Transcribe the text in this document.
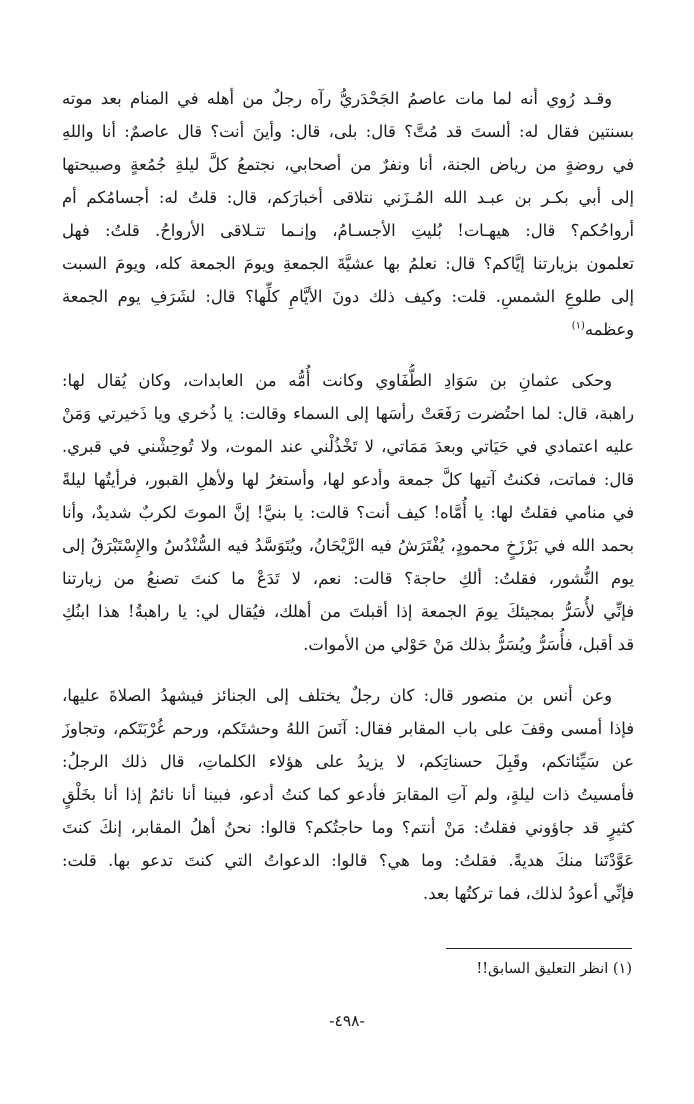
وقـد رُوي أنه لما مات عاصمُ الجَحْدَريُّ رآه رجلٌ من أهله في المنام بعد موته
بسنتين فقال له: ألستَ قد مُتَّ؟ قال: بلى، قال: وأينَ أنت؟ قال عاصمٌ: أنا واللهِ
في روضةٍ من رياض الجنة، أنا ونفرٌ من أصحابي، نجتمعُ كلَّ ليلةِ جُمُعةٍ وصبيحتها
إلى أبي بكـر بن عبـد الله المُـزَني نتلاقى أخبارَكم، قال: قلتُ له: أجسامُكم أم
أرواحُكم؟ قال: هيهـات! بُليتِ الأجسـامُ، وإنـما تتـلاقى الأرواحُ. قلتُ: فهل
تعلمون بزيارتنا إيَّاكم؟ قال: نعلمُ بها عشيَّةَ الجمعةِ ويومَ الجمعة كله، ويومَ السبت
إلى طلوعِ الشمسِ. قلت: وكيف ذلك دونَ الأيَّامِ كلِّها؟ قال: لشَرَفِ يوم الجمعة
وعظمه$^{(١)}$
وحكى عثمانِ بن سَوَادِ الطُّفَاوي وكانت أُمُّه من العابدات، وكان يُقال لها:
راهبة، قال: لما احتُضرت رَفَعَتْ رأسَها إلى السماء وقالت: يا ذُخري ويا ذَخيرتي وَمَنْ
عليه اعتمادي في حَيَاتي وبعدَ مَمَاتي، لا تَخْذُلْني عند الموت، ولا تُوحِشْني في قبري.
قال: فماتت، فكنتُ آتيها كلَّ جمعة وأدعو لها، وأستغرُ لها ولأهلِ القبور، فرأيتُها ليلةً
في منامي فقلتُ لها: يا أُمَّاه! كيف أنت؟ قالت: يا بنيَّ! إنَّ الموتَ لكربٌ شديدٌ، وأنا
بحمد الله في بَرْزَخٍ محمودٍ، يُفْتَرَشُ فيه الرَّيْحَانُ، ويُتَوَسَّدُ فيه السُّنْدُسُ والإِسْتَبْرَقُ إلى
يوم النُّشور، فقلتُ: ألكِ حاجة؟ قالت: نعم، لا تَدَعْ ما كنتَ تصنعُ من زيارتنا
فإنِّي لأُسَرُّ بمجيئكَ يومَ الجمعة إذا أقبلتَ من أهلك، فيُقال لي: يا راهبةُ! هذا ابنُكِ
قد أقبل، فأُسَرُّ ويُسَرُّ بذلك مَنْ حَوْلي من الأموات.
وعن أنس بن منصور قال: كان رجلٌ يختلف إلى الجنائز فيشهدُ الصلاةَ عليها،
فإذا أمسى وقفَ على باب المقابر فقال: آنَسَ اللهُ وحشتَكم، ورحم غُرْبَتَكم، وتجاوزَ
عن سَيِّئاتكم، وقَبِلَ حسناتِكم، لا يزيدُ على هؤلاء الكلماتِ، قال ذلك الرجلُ:
فأمسيتُ ذات ليلةٍ، ولم آتِ المقابرَ فأدعو كما كنتُ أدعو، فبينا أنا نائمٌ إذا أنا بخَلْقٍ
كثيرٍ قد جاؤوني فقلتُ: مَنْ أنتم؟ وما حاجتُكم؟ قالوا: نحنُ أهلُ المقابر، إنكَ كنتَ
عَوَّدْتَنا منكَ هديةً. فقلتُ: وما هي؟ قالوا: الدعواتُ التي كنتَ تدعو بها. قلت:
فإنِّي أعودُ لذلك، فما تركتُها بعد.
(١) انظر التعليق السابق!!
-٤٩٨-
